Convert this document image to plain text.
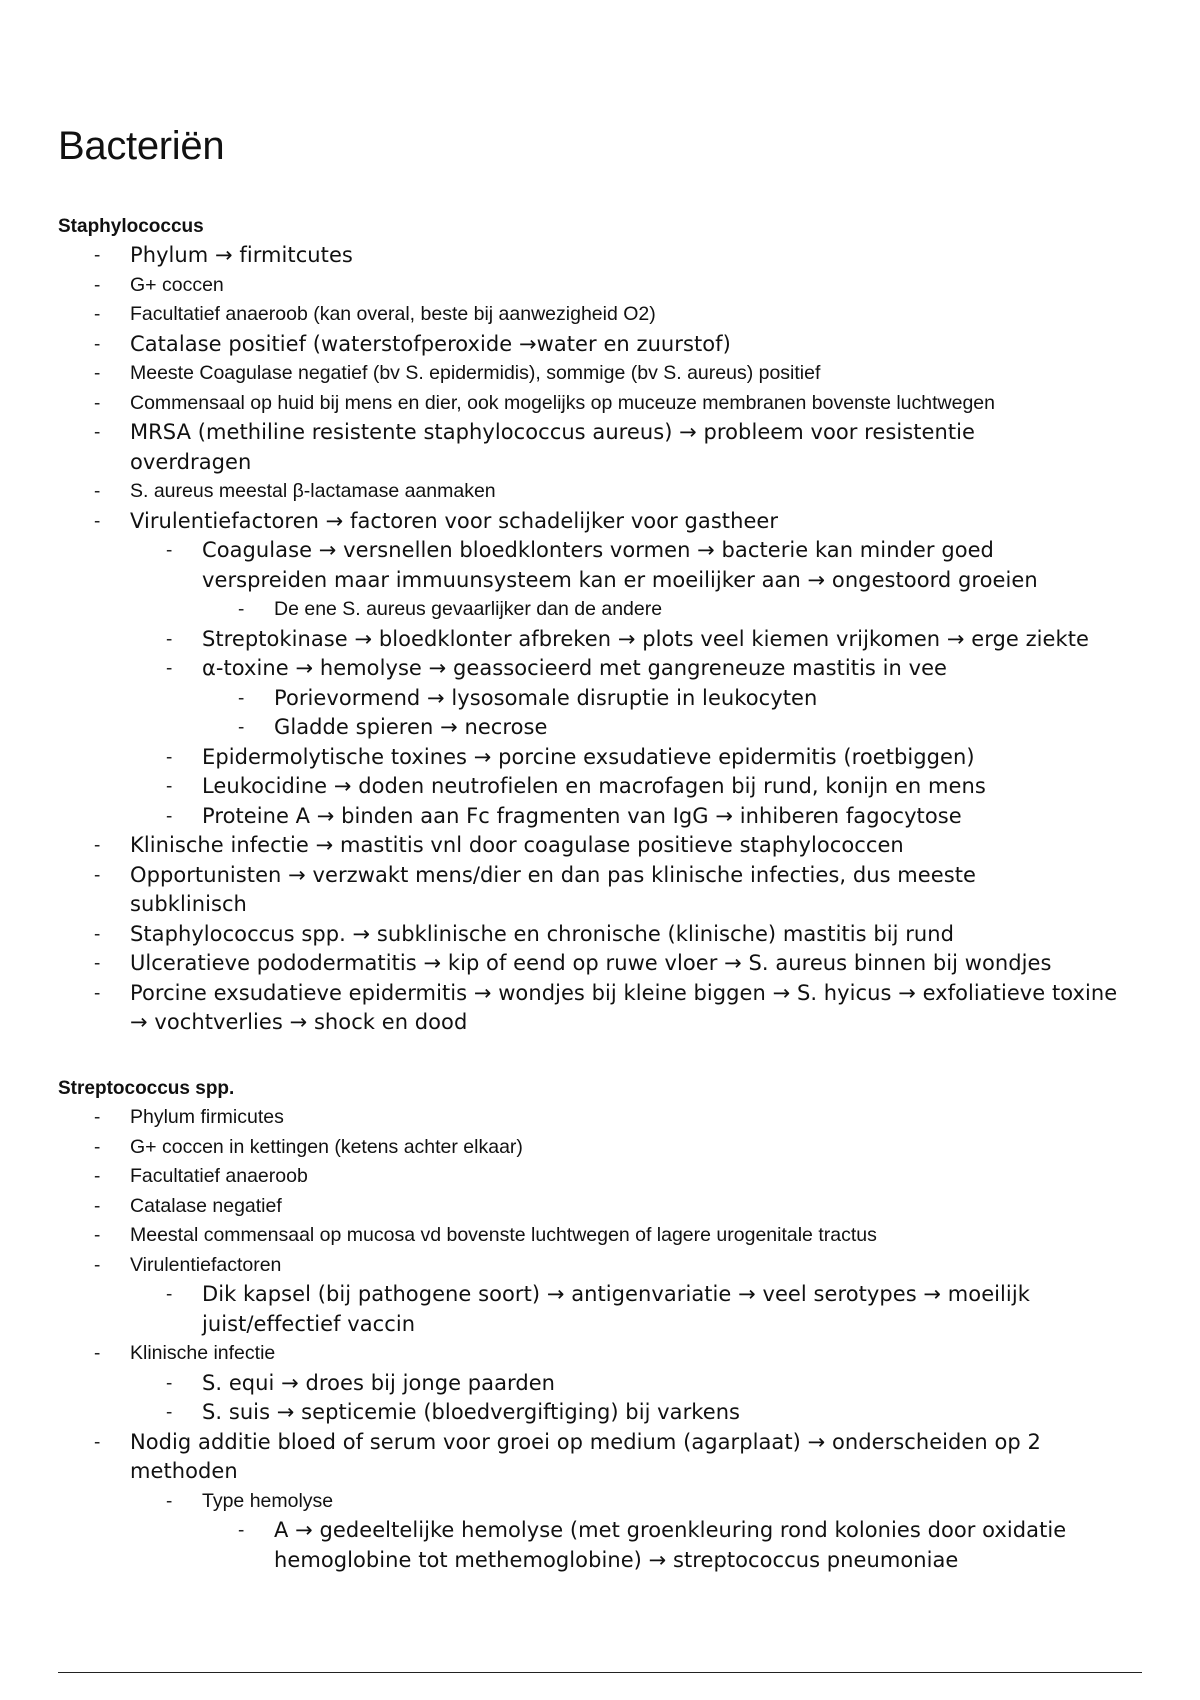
Bacteriën
Staphylococcus
- Phylum → firmitcutes
- G+ coccen
- Facultatief anaeroob (kan overal, beste bij aanwezigheid O2)
- Catalase positief (waterstofperoxide →water en zuurstof)
- Meeste Coagulase negatief (bv S. epidermidis), sommige (bv S. aureus) positief
- Commensaal op huid bij mens en dier, ook mogelijks op muceuze membranen bovenste luchtwegen
- MRSA (methiline resistente staphylococcus aureus) → probleem voor resistentie overdragen
- S. aureus meestal β-lactamase aanmaken
- Virulentiefactoren → factoren voor schadelijker voor gastheer
- Coagulase → versnellen bloedklonters vormen → bacterie kan minder goed verspreiden maar immuunsysteem kan er moeilijker aan → ongestoord groeien
- De ene S. aureus gevaarlijker dan de andere
- Streptokinase → bloedklonter afbreken → plots veel kiemen vrijkomen → erge ziekte
- α-toxine → hemolyse → geassocieerd met gangreneuze mastitis in vee
- Porievormend → lysosomale disruptie in leukocyten
- Gladde spieren → necrose
- Epidermolytische toxines → porcine exsudatieve epidermitis (roetbiggen)
- Leukocidine → doden neutrofielen en macrofagen bij rund, konijn en mens
- Proteine A → binden aan Fc fragmenten van IgG → inhiberen fagocytose
- Klinische infectie → mastitis vnl door coagulase positieve staphylococcen
- Opportunisten → verzwakt mens/dier en dan pas klinische infecties, dus meeste subklinisch
- Staphylococcus spp. → subklinische en chronische (klinische) mastitis bij rund
- Ulceratieve pododermatitis → kip of eend op ruwe vloer → S. aureus binnen bij wondjes
- Porcine exsudatieve epidermitis → wondjes bij kleine biggen → S. hyicus → exfoliatieve toxine → vochtverlies → shock en dood
Streptococcus spp.
- Phylum firmicutes
- G+ coccen in kettingen (ketens achter elkaar)
- Facultatief anaeroob
- Catalase negatief
- Meestal commensaal op mucosa vd bovenste luchtwegen of lagere urogenitale tractus
- Virulentiefactoren
- Dik kapsel (bij pathogene soort) → antigenvariatie → veel serotypes → moeilijk juist/effectief vaccin
- Klinische infectie
- S. equi → droes bij jonge paarden
- S. suis → septicemie (bloedvergiftiging) bij varkens
- Nodig additie bloed of serum voor groei op medium (agarplaat) → onderscheiden op 2 methoden
- Type hemolyse
- A → gedeeltelijke hemolyse (met groenkleuring rond kolonies door oxidatie hemoglobine tot methemoglobine) → streptococcus pneumoniae
